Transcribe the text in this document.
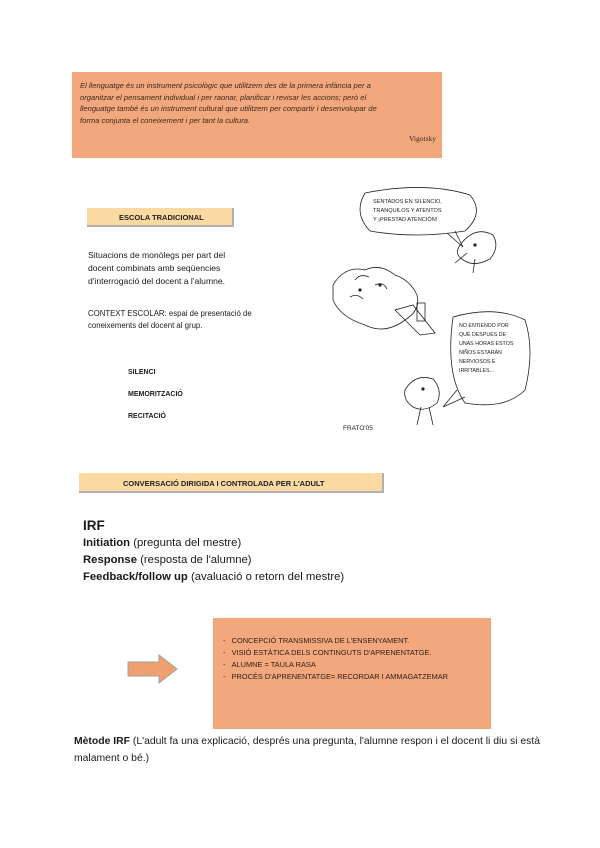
El llenguatge és un instrument psicològic que utilitzem des de la primera infància per a
organitzar el pensament individual i per raonar, planificar i revisar les accions; però el
llenguatge també és un instrument cultural que utilitzem per compartir i desenvolupar de
forma conjunta el coneixement i per tant la cultura.
Vigotsky
ESCOLA TRADICIONAL
Situacions de monòlegs per part del
docent combinats amb seqüencies
d'interrogació del docent a l'alumne.
CONTEXT ESCOLAR: espai de presentació de
coneixements del docent al grup.
SILENCI
MEMORITZACIÓ
RECITACIÓ
SENTADOS EN SILENCIO,
TRANQUILOS Y ATENTOS
Y ¡PRESTAD ATENCIÓN!
NO ENTIENDO POR
QUÉ DESPUÉS DE
UNAS HORAS ESTOS
NIÑOS ESTARÁN
NERVIOSOS E
IRRITABLES...
FRATO'05
CONVERSACIÓ DIRIGIDA I CONTROLADA PER L'ADULT
IRF
Initiation (pregunta del mestre)
Response (resposta de l'alumne)
Feedback/follow up (avaluació o retorn del mestre)
-   CONCEPCIÓ TRANSMISSIVA DE L'ENSENYAMENT.
-   VISIÓ ESTÀTICA DELS CONTINGUTS D'APRENENTATGE.
-   ALUMNE = TAULA RASA
-   PROCÉS D'APRENENTATGE= RECORDAR I AMMAGATZEMAR
Mètode IRF (L'adult fa una explicació, després una pregunta, l'alumne respon i el docent li diu si està malament o bé.)
